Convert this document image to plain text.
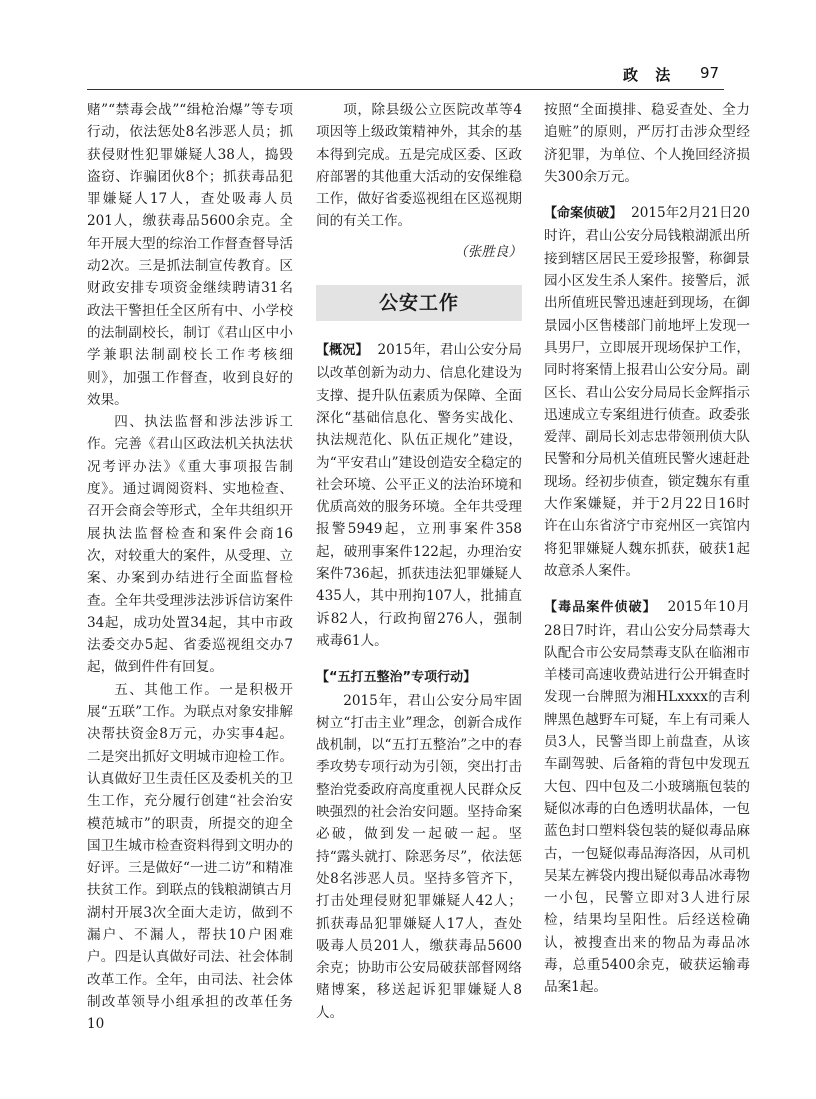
政 法 97

赌”“禁毒会战”“缉枪治爆”等专项行动，依法惩处8名涉恶人员；抓获侵财性犯罪嫌疑人38人，捣毁盗窃、诈骗团伙8个；抓获毒品犯罪嫌疑人17人，查处吸毒人员201人，缴获毒品5600余克。全年开展大型的综治工作督查督导活动2次。三是抓法制宣传教育。区财政安排专项资金继续聘请31名政法干警担任全区所有中、小学校的法制副校长，制订《君山区中小学兼职法制副校长工作考核细则》，加强工作督查，收到良好的效果。

四、执法监督和涉法涉诉工作。完善《君山区政法机关执法状况考评办法》《重大事项报告制度》。通过调阅资料、实地检查、召开会商会等形式，全年共组织开展执法监督检查和案件会商16次，对较重大的案件，从受理、立案、办案到办结进行全面监督检查。全年共受理涉法涉诉信访案件34起，成功处置34起，其中市政法委交办5起、省委巡视组交办7起，做到件件有回复。

五、其他工作。一是积极开展“五联”工作。为联点对象安排解决帮扶资金8万元，办实事4起。二是突出抓好文明城市迎检工作。认真做好卫生责任区及委机关的卫生工作，充分履行创建“社会治安模范城市”的职责，所提交的迎全国卫生城市检查资料得到文明办的好评。三是做好“一进二访”和精准扶贫工作。到联点的钱粮湖镇古月湖村开展3次全面大走访，做到不漏户、不漏人，帮扶10户困难户。四是认真做好司法、社会体制改革工作。全年，由司法、社会体制改革领导小组承担的改革任务10

项，除县级公立医院改革等4项因等上级政策精神外，其余的基本得到完成。五是完成区委、区政府部署的其他重大活动的安保维稳工作，做好省委巡视组在区巡视期间的有关工作。

（张胜良）

公安工作

【概况】 2015年，君山公安分局以改革创新为动力、信息化建设为支撑、提升队伍素质为保障、全面深化“基础信息化、警务实战化、执法规范化、队伍正规化”建设，为“平安君山”建设创造安全稳定的社会环境、公平正义的法治环境和优质高效的服务环境。全年共受理报警5949起，立刑事案件358起，破刑事案件122起，办理治安案件736起，抓获违法犯罪嫌疑人435人，其中刑拘107人，批捕直诉82人，行政拘留276人，强制戒毒61人。

【“五打五整治”专项行动】

2015年，君山公安分局牢固树立“打击主业”理念，创新合成作战机制，以“五打五整治”之中的春季攻势专项行动为引领，突出打击整治党委政府高度重视人民群众反映强烈的社会治安问题。坚持命案必破，做到发一起破一起。坚持“露头就打、除恶务尽”，依法惩处8名涉恶人员。坚持多管齐下，打击处理侵财犯罪嫌疑人42人；抓获毒品犯罪嫌疑人17人，查处吸毒人员201人，缴获毒品5600余克；协助市公安局破获部督网络赌博案，移送起诉犯罪嫌疑人8人。

按照“全面摸排、稳妥查处、全力追赃”的原则，严厉打击涉众型经济犯罪，为单位、个人挽回经济损失300余万元。

【命案侦破】 2015年2月21日20时许，君山公安分局钱粮湖派出所接到辖区居民王爱珍报警，称御景园小区发生杀人案件。接警后，派出所值班民警迅速赶到现场，在御景园小区售楼部门前地坪上发现一具男尸，立即展开现场保护工作，同时将案情上报君山公安分局。副区长、君山公安分局局长金辉指示迅速成立专案组进行侦查。政委张爱萍、副局长刘志忠带领刑侦大队民警和分局机关值班民警火速赶赴现场。经初步侦查，锁定魏东有重大作案嫌疑，并于2月22日16时许在山东省济宁市兖州区一宾馆内将犯罪嫌疑人魏东抓获，破获1起故意杀人案件。

【毒品案件侦破】 2015年10月28日7时许，君山公安分局禁毒大队配合市公安局禁毒支队在临湘市羊楼司高速收费站进行公开辑查时发现一台牌照为湘HLxxxx的吉利牌黑色越野车可疑，车上有司乘人员3人，民警当即上前盘查，从该车副驾驶、后备箱的背包中发现五大包、四中包及二小玻璃瓶包装的疑似冰毒的白色透明状晶体，一包蓝色封口塑料袋包装的疑似毒品麻古，一包疑似毒品海洛因，从司机吴某左裤袋内搜出疑似毒品冰毒物一小包，民警立即对3人进行尿检，结果均呈阳性。后经送检确认，被搜查出来的物品为毒品冰毒，总重5400余克，破获运输毒品案1起。
